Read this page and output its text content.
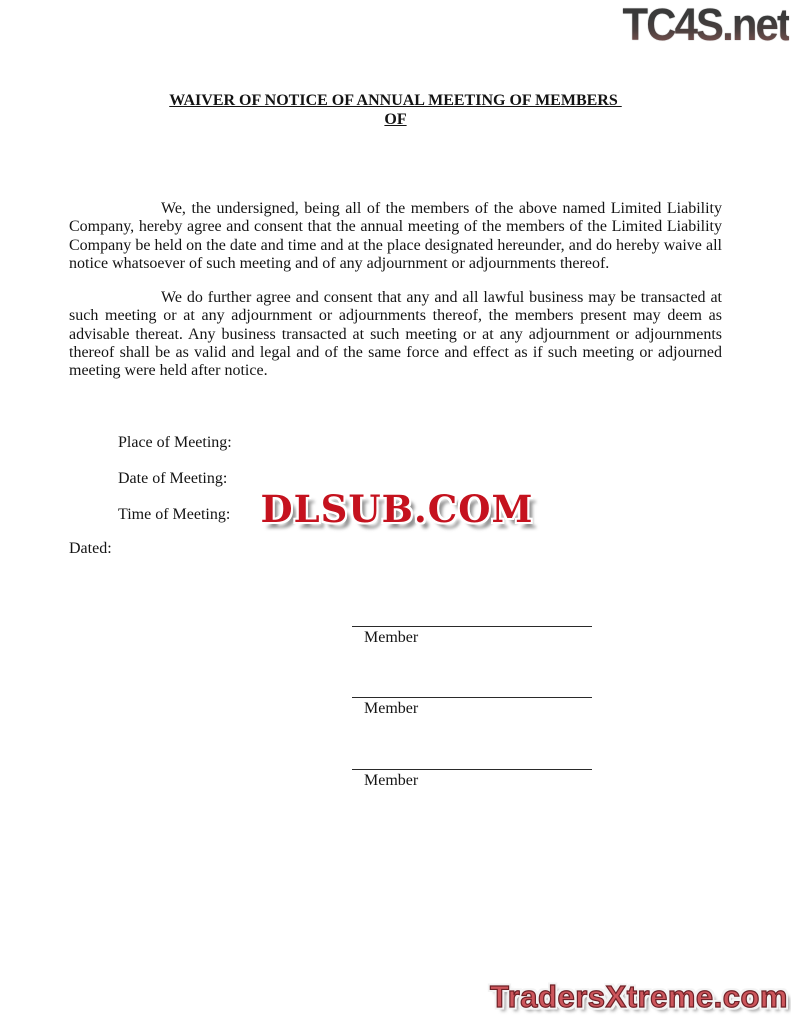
TC4S.net
WAIVER OF NOTICE OF ANNUAL MEETING OF MEMBERS
OF

We, the undersigned, being all of the members of the above named Limited Liability Company, hereby agree and consent that the annual meeting of the members of the Limited Liability Company be held on the date and time and at the place designated hereunder, and do hereby waive all notice whatsoever of such meeting and of any adjournment or adjournments thereof.

We do further agree and consent that any and all lawful business may be transacted at such meeting or at any adjournment or adjournments thereof, the members present may deem as advisable thereat. Any business transacted at such meeting or at any adjournment or adjournments thereof shall be as valid and legal and of the same force and effect as if such meeting or adjourned meeting were held after notice.

Place of Meeting:
Date of Meeting:
Time of Meeting:
Dated:
DLSUB.COM
Member
Member
Member
TradersXtreme.com
